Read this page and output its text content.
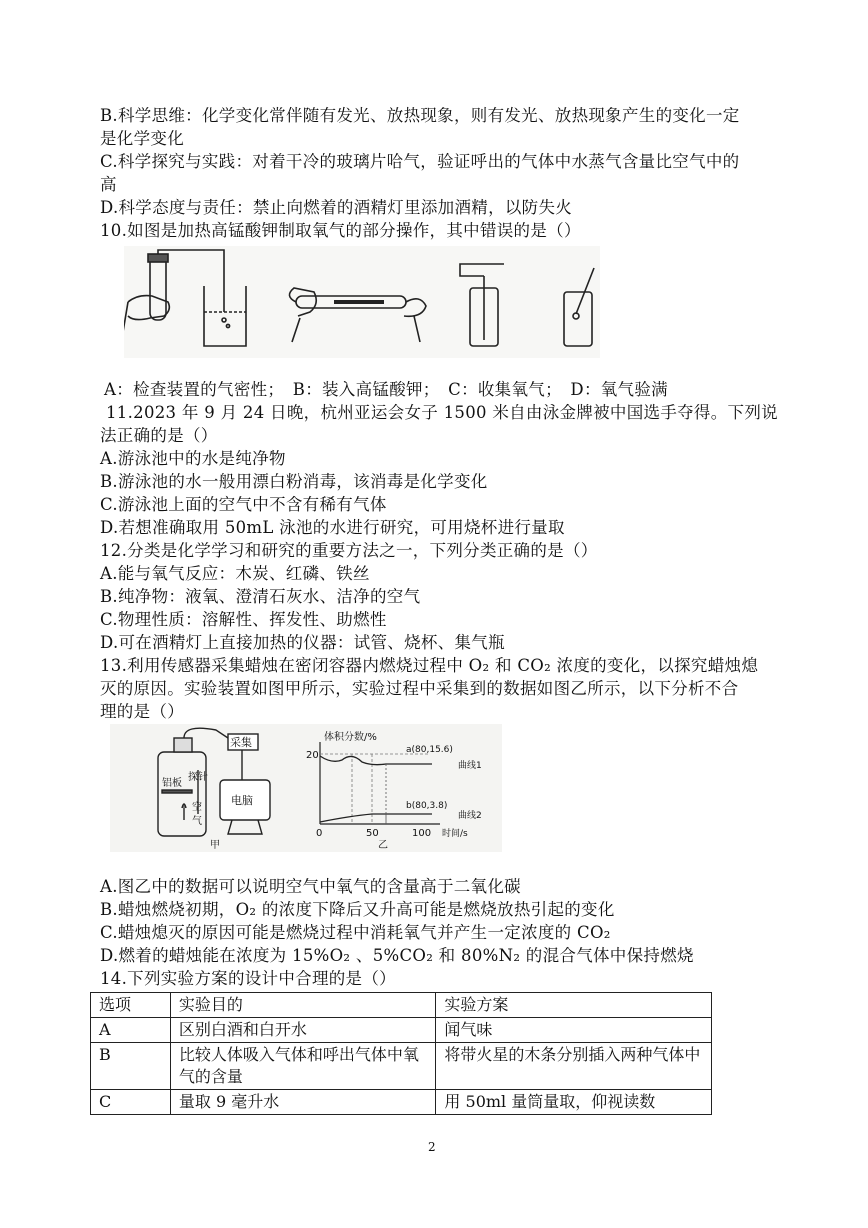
B.科学思维：化学变化常伴随有发光、放热现象，则有发光、放热现象产生的变化一定
是化学变化
C.科学探究与实践：对着干冷的玻璃片哈气，验证呼出的气体中水蒸气含量比空气中的
高
D.科学态度与责任：禁止向燃着的酒精灯里添加酒精，以防失火
10.如图是加热高锰酸钾制取氧气的部分操作，其中错误的是（）
A：检查装置的气密性；　B：装入高锰酸钾；　C：收集氧气；　D：氧气验满
11.2023 年 9 月 24 日晚，杭州亚运会女子 1500 米自由泳金牌被中国选手夺得。下列说
法正确的是（）
A.游泳池中的水是纯净物
B.游泳池的水一般用漂白粉消毒，该消毒是化学变化
C.游泳池上面的空气中不含有稀有气体
D.若想准确取用 50mL 泳池的水进行研究，可用烧杯进行量取
12.分类是化学学习和研究的重要方法之一，下列分类正确的是（）
A.能与氧气反应：木炭、红磷、铁丝
B.纯净物：液氧、澄清石灰水、洁净的空气
C.物理性质：溶解性、挥发性、助燃性
D.可在酒精灯上直接加热的仪器：试管、烧杯、集气瓶
13.利用传感器采集蜡烛在密闭容器内燃烧过程中 O₂ 和 CO₂ 浓度的变化，以探究蜡烛熄
灭的原因。实验装置如图甲所示，实验过程中采集到的数据如图乙所示，以下分析不合
理的是（）
采集
电脑
探针
铝板
空
气
甲
体积分数/%
20
0	50	100 时间/s
a(80,15.6)
b(80,3.8)
曲线1
曲线2
乙
A.图乙中的数据可以说明空气中氧气的含量高于二氧化碳
B.蜡烛燃烧初期，O₂ 的浓度下降后又升高可能是燃烧放热引起的变化
C.蜡烛熄灭的原因可能是燃烧过程中消耗氧气并产生一定浓度的 CO₂
D.燃着的蜡烛能在浓度为 15%O₂ 、5%CO₂ 和 80%N₂ 的混合气体中保持燃烧
14.下列实验方案的设计中合理的是（）
选项	实验目的	实验方案
A	区别白酒和白开水	闻气味
B	比较人体吸入气体和呼出气体中氧气的含量	将带火星的木条分别插入两种气体中
C	量取 9 毫升水	用 50ml 量筒量取，仰视读数
2
